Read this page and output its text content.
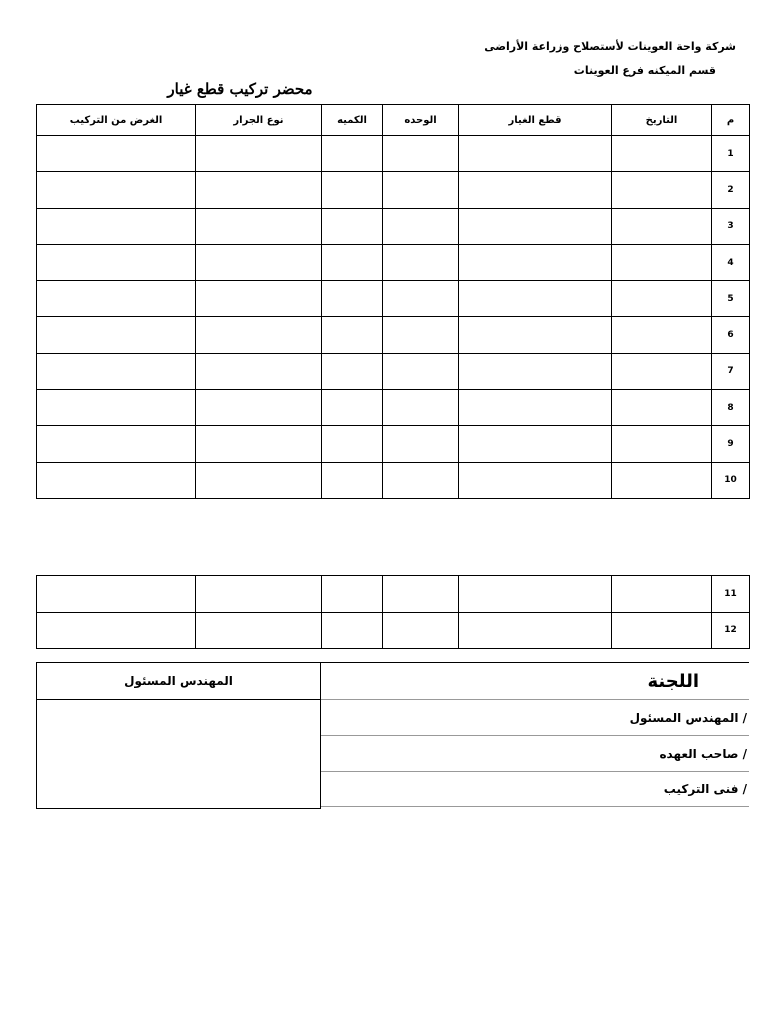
شركة واحة العوينات لأستصلاح وزراعة الأراضى
قسم الميكنه فرع العوينات
محضر تركيب قطع غيار
م	التاريخ	قطع الغيار	الوحده	الكميه	نوع الجرار	الغرض من التركيب
1						
2						
3						
4						
5						
6						
7						
8						
9						
10						
11						
12						
اللجنة
/ المهندس المسئول
/ صاحب العهده
/ فنى التركيب
المهندس المسئول
